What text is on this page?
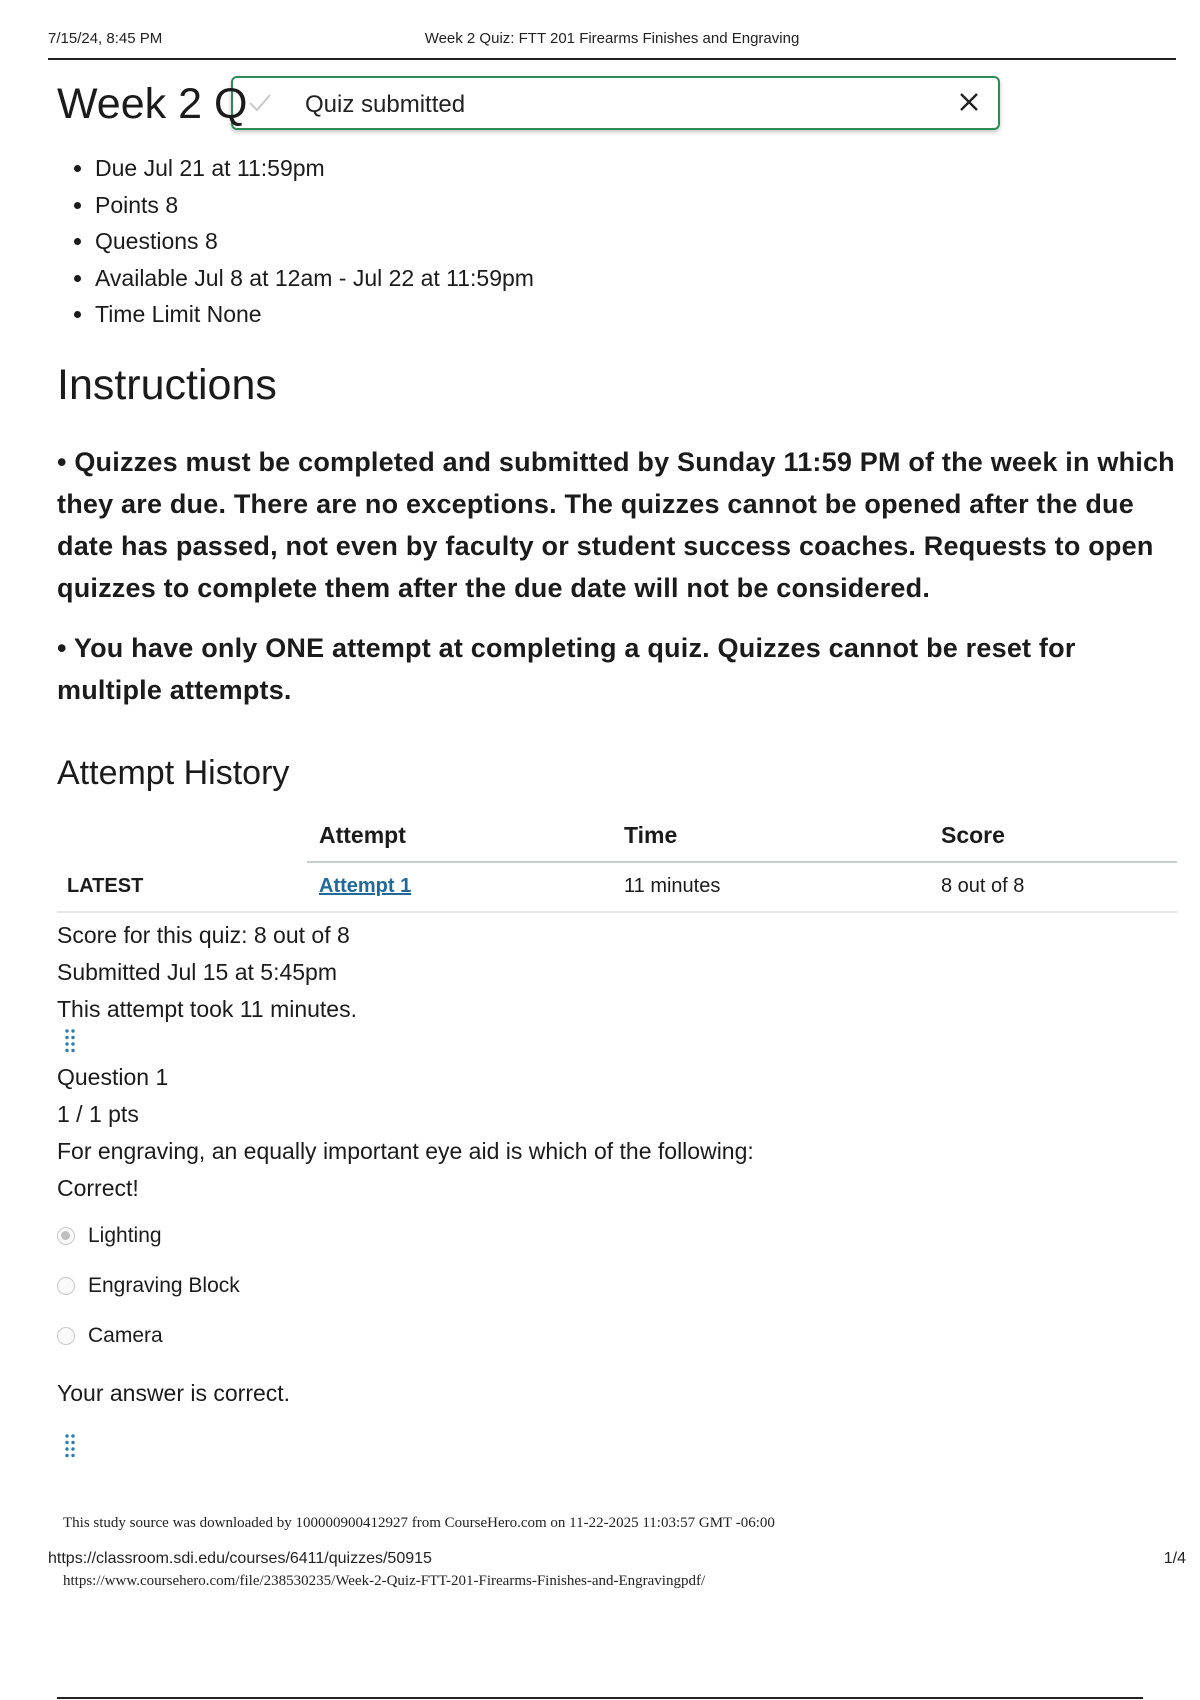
7/15/24, 8:45 PM	Week 2 Quiz: FTT 201 Firearms Finishes and Engraving
Quiz submitted
Week 2 Q
• Due Jul 21 at 11:59pm
• Points 8
• Questions 8
• Available Jul 8 at 12am - Jul 22 at 11:59pm
• Time Limit None
Instructions

• Quizzes must be completed and submitted by Sunday 11:59 PM of the week in which they are due. There are no exceptions. The quizzes cannot be opened after the due date has passed, not even by faculty or student success coaches. Requests to open quizzes to complete them after the due date will not be considered.

• You have only ONE attempt at completing a quiz. Quizzes cannot be reset for multiple attempts.

Attempt History
	Attempt	Time	Score
LATEST	Attempt 1	11 minutes	8 out of 8
Score for this quiz: 8 out of 8
Submitted Jul 15 at 5:45pm
This attempt took 11 minutes.
Question 1
1 / 1 pts
For engraving, an equally important eye aid is which of the following:
Correct!
Lighting
Engraving Block
Camera
Your answer is correct.
This study source was downloaded by 100000900412927 from CourseHero.com on 11-22-2025 11:03:57 GMT -06:00
https://classroom.sdi.edu/courses/6411/quizzes/50915	1/4
https://www.coursehero.com/file/238530235/Week-2-Quiz-FTT-201-Firearms-Finishes-and-Engravingpdf/
